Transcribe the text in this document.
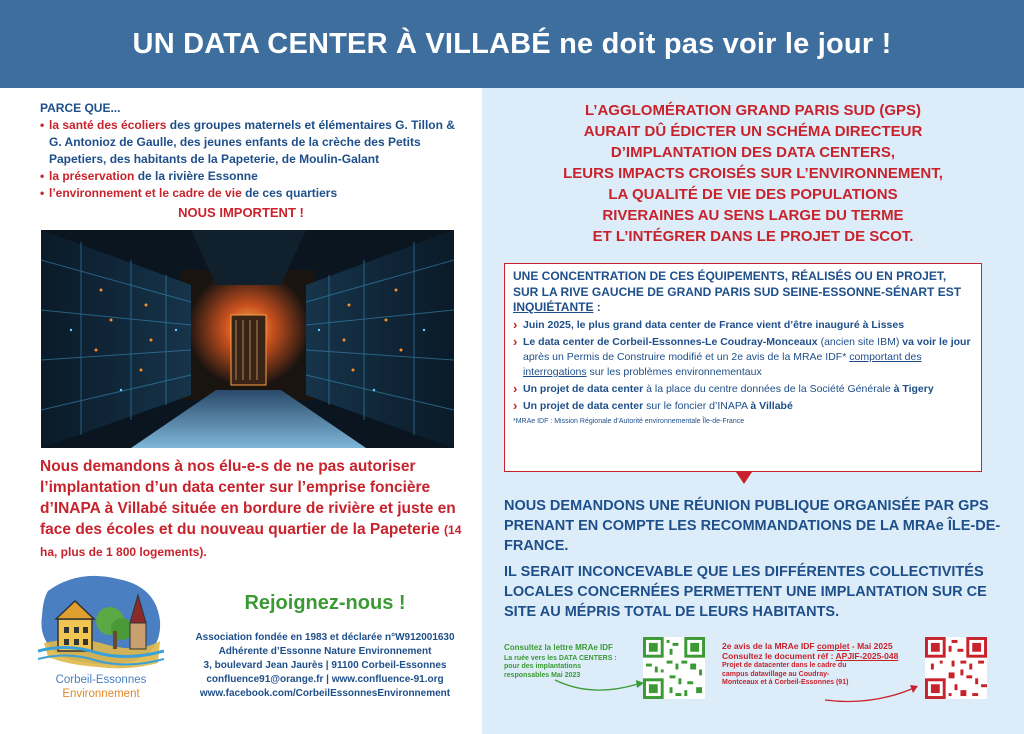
UN DATA CENTER À VILLABÉ ne doit pas voir le jour !
PARCE QUE...
• la santé des écoliers des groupes maternels et élémentaires G. Tillon & G. Antonioz de Gaulle, des jeunes enfants de la crèche des Petits Papetiers, des habitants de la Papeterie, de Moulin-Galant
• la préservation de la rivière Essonne
• l’environnement et le cadre de vie de ces quartiers
NOUS IMPORTENT !
Nous demandons à nos élu-e-s de ne pas autoriser l’implantation d’un data center sur l’emprise foncière d’INAPA à Villabé située en bordure de rivière et juste en face des écoles et du nouveau quartier de la Papeterie (14 ha, plus de 1 800 logements).
Corbeil-Essonnes
Environnement
Rejoignez-nous !
Association fondée en 1983 et déclarée n°W912001630
Adhérente d’Essonne Nature Environnement
3, boulevard Jean Jaurès | 91100 Corbeil-Essonnes
confluence91@orange.fr | www.confluence-91.org
www.facebook.com/CorbeilEssonnesEnvironnement
L’AGGLOMÉRATION GRAND PARIS SUD (GPS)
AURAIT DÛ ÉDICTER UN SCHÉMA DIRECTEUR
D’IMPLANTATION DES DATA CENTERS,
LEURS IMPACTS CROISÉS SUR L’ENVIRONNEMENT,
LA QUALITÉ DE VIE DES POPULATIONS
RIVERAINES AU SENS LARGE DU TERME
ET L’INTÉGRER DANS LE PROJET DE SCOT.
UNE CONCENTRATION DE CES ÉQUIPEMENTS, RÉALISÉS OU EN PROJET, SUR LA RIVE GAUCHE DE GRAND PARIS SUD SEINE-ESSONNE-SÉNART EST INQUIÉTANTE :
› Juin 2025, le plus grand data center de France vient d’être inauguré à Lisses
› Le data center de Corbeil-Essonnes-Le Coudray-Monceaux (ancien site IBM) va voir le jour après un Permis de Construire modifié et un 2e avis de la MRAe IDF* comportant des interrogations sur les problèmes environnementaux
› Un projet de data center à la place du centre données de la Société Générale à Tigery
› Un projet de data center sur le foncier d’INAPA à Villabé
*MRAe IDF : Mission Régionale d’Autorité environnementale Île-de-France
NOUS DEMANDONS UNE RÉUNION PUBLIQUE ORGANISÉE PAR GPS PRENANT EN COMPTE LES RECOMMANDATIONS DE LA MRAe ÎLE-DE-FRANCE.
IL SERAIT INCONCEVABLE QUE LES DIFFÉRENTES COLLECTIVITÉS LOCALES CONCERNÉES PERMETTENT UNE IMPLANTATION SUR CE SITE AU MÉPRIS TOTAL DE LEURS HABITANTS.
Consultez la lettre MRAe IDF
La ruée vers les DATA CENTERS : pour des implantations responsables Mai 2023
2e avis de la MRAe IDF complet - Mai 2025
Consultez le document réf : APJIF-2025-048
Projet de datacenter dans le cadre du campus datavillage au Coudray-Montceaux et à Corbeil-Essonnes (91)
